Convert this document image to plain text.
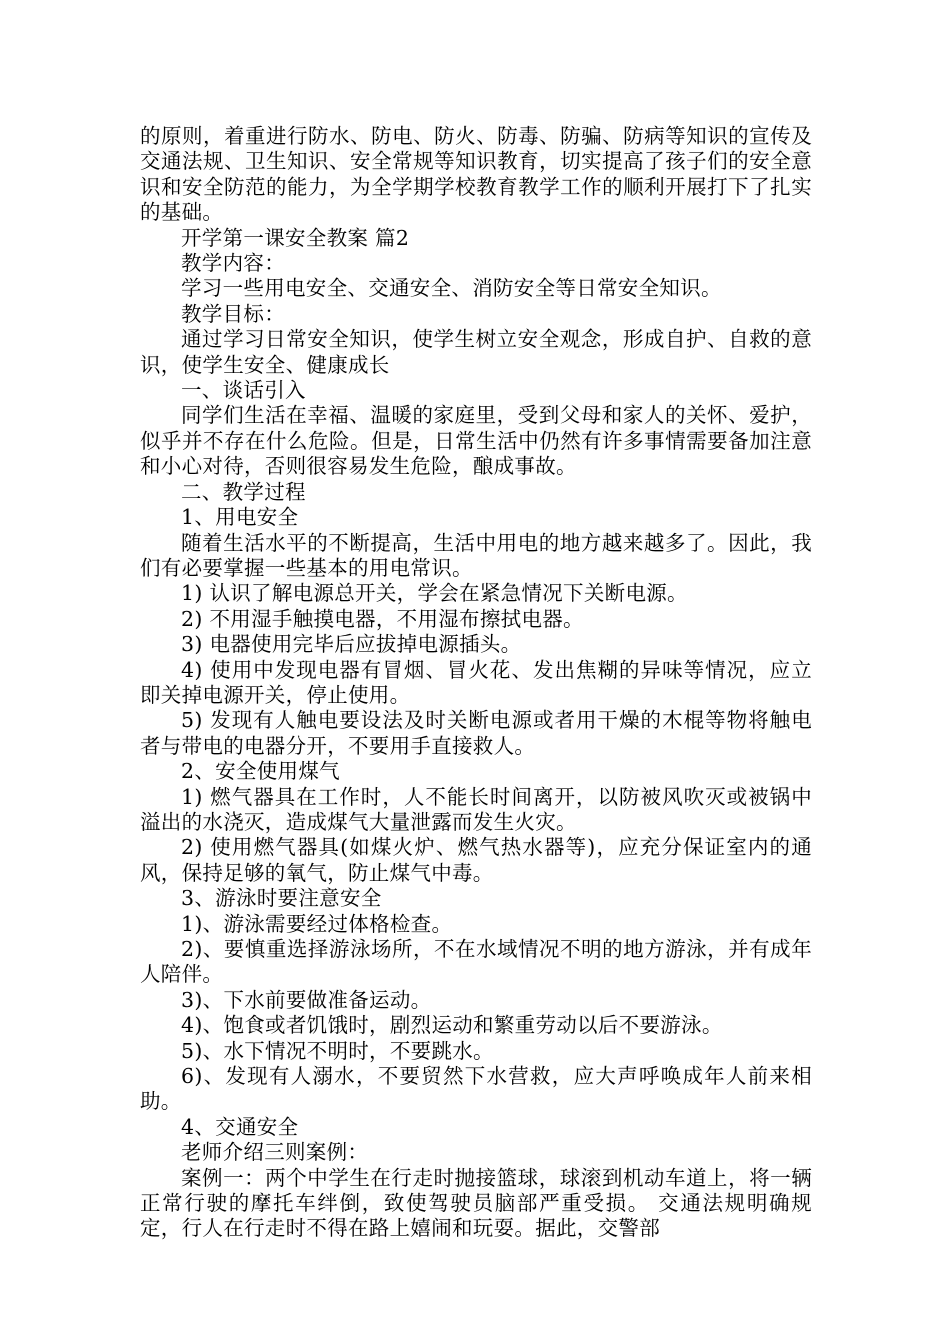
的原则，着重进行防水、防电、防火、防毒、防骗、防病等知识的宣传及交通法规、卫生知识、安全常规等知识教育，切实提高了孩子们的安全意识和安全防范的能力，为全学期学校教育教学工作的顺利开展打下了扎实的基础。

开学第一课安全教案 篇2

教学内容：

学习一些用电安全、交通安全、消防安全等日常安全知识。

教学目标：

通过学习日常安全知识，使学生树立安全观念，形成自护、自救的意识，使学生安全、健康成长

一、谈话引入

同学们生活在幸福、温暖的家庭里，受到父母和家人的关怀、爱护，似乎并不存在什么危险。但是，日常生活中仍然有许多事情需要备加注意和小心对待，否则很容易发生危险，酿成事故。

二、教学过程

1、用电安全

随着生活水平的不断提高，生活中用电的地方越来越多了。因此，我们有必要掌握一些基本的用电常识。

1) 认识了解电源总开关，学会在紧急情况下关断电源。

2) 不用湿手触摸电器，不用湿布擦拭电器。

3) 电器使用完毕后应拔掉电源插头。

4) 使用中发现电器有冒烟、冒火花、发出焦糊的异味等情况，应立即关掉电源开关，停止使用。

5) 发现有人触电要设法及时关断电源或者用干燥的木棍等物将触电者与带电的电器分开，不要用手直接救人。

2、安全使用煤气

1) 燃气器具在工作时，人不能长时间离开，以防被风吹灭或被锅中溢出的水浇灭，造成煤气大量泄露而发生火灾。

2) 使用燃气器具(如煤火炉、燃气热水器等)，应充分保证室内的通风，保持足够的氧气，防止煤气中毒。

3、游泳时要注意安全

1)、游泳需要经过体格检查。

2)、要慎重选择游泳场所，不在水域情况不明的地方游泳，并有成年人陪伴。

3)、下水前要做准备运动。

4)、饱食或者饥饿时，剧烈运动和繁重劳动以后不要游泳。

5)、水下情况不明时，不要跳水。

6)、发现有人溺水，不要贸然下水营救，应大声呼唤成年人前来相助。

4、交通安全

老师介绍三则案例：

案例一：两个中学生在行走时抛接篮球，球滚到机动车道上，将一辆正常行驶的摩托车绊倒，致使驾驶员脑部严重受损。 交通法规明确规定，行人在行走时不得在路上嬉闹和玩耍。据此，交警部
